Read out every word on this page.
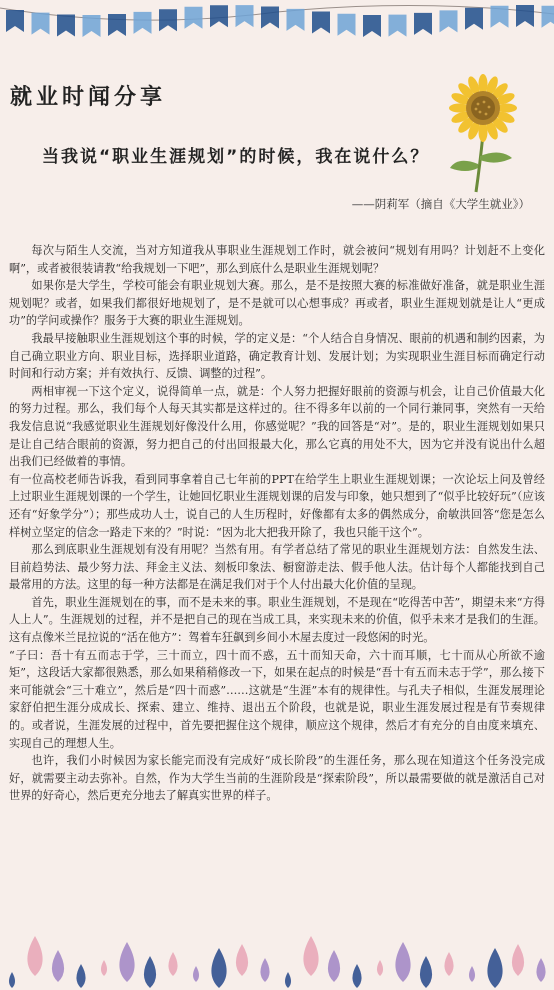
就业时闻分享
当我说“职业生涯规划”的时候，我在说什么？

——阴莉军（摘自《大学生就业》）

每次与陌生人交流，当对方知道我从事职业生涯规划工作时，就会被问“规划有用吗？计划赶不上变化啊”，或者被很装请教“给我规划一下吧”，那么到底什么是职业生涯规划呢？

如果你是大学生，学校可能会有职业规划大赛。那么，是不是按照大赛的标准做好准备，就是职业生涯规划呢？或者，如果我们都很好地规划了，是不是就可以心想事成？再或者，职业生涯规划就是让人“更成功”的学问或操作？服务于大赛的职业生涯规划。

我最早接触职业生涯规划这个事的时候，学的定义是：“个人结合自身情况、眼前的机遇和制约因素，为自己确立职业方向、职业目标，选择职业道路，确定教育计划、发展计划；为实现职业生涯目标而确定行动时间和行动方案；并有效执行、反馈、调整的过程”。

两相审视一下这个定义，说得简单一点，就是：个人努力把握好眼前的资源与机会，让自己价值最大化的努力过程。那么，我们每个人每天其实都是这样过的。往不得多年以前的一个同行兼同事，突然有一天给我发信息说“我感觉职业生涯规划好像没什么用，你感觉呢？”我的回答是“对”。是的，职业生涯规划如果只是让自己结合眼前的资源，努力把自己的付出回报最大化，那么它真的用处不大，因为它并没有说出什么超出我们已经做着的事情。

有一位高校老师告诉我，看到同事拿着自己七年前的PPT在给学生上职业生涯规划课；一次论坛上问及曾经上过职业生涯规划课的一个学生，让她回忆职业生涯规划课的启发与印象，她只想到了“似乎比较好玩”（应该还有“好象学分”）；那些成功人士，说自己的人生历程时，好像都有太多的偶然成分，俞敏洪回答“您是怎么样树立坚定的信念一路走下来的？”时说：“因为北大把我开除了，我也只能干这个”。

那么到底职业生涯规划有没有用呢？当然有用。有学者总结了常见的职业生涯规划方法：自然发生法、目前趋势法、最少努力法、拜金主义法、刻板印象法、橱窗游走法、假手他人法。估计每个人都能找到自己最常用的方法。这里的每一种方法都是在满足我们对于个人付出最大化价值的呈现。

首先，职业生涯规划在的事，而不是未来的事。职业生涯规划，不是现在“吃得苦中苦”，期望未来“方得人上人”。生涯规划的过程，并不是把自己的现在当成工具，来实现未来的价值，似乎未来才是我们的生涯。这有点像米兰昆拉说的“活在他方”：驾着车狂飙到乡间小木屋去度过一段悠闲的时光。

“子曰：吾十有五而志于学，三十而立，四十而不惑，五十而知天命，六十而耳顺，七十而从心所欲不逾矩”，这段话大家都很熟悉，那么如果稍稍修改一下，如果在起点的时候是“吾十有五而未志于学”，那么接下来可能就会“三十难立”，然后是“四十而惑”……这就是“生涯”本有的规律性。与孔夫子相似，生涯发展理论家舒伯把生涯分成成长、探索、建立、维持、退出五个阶段，也就是说，职业生涯发展过程是有节奏规律的。或者说，生涯发展的过程中，首先要把握住这个规律，顺应这个规律，然后才有充分的自由度来填充、实现自己的理想人生。

也许，我们小时候因为家长能完而没有完成好“成长阶段”的生涯任务，那么现在知道这个任务没完成好，就需要主动去弥补。自然，作为大学生当前的生涯阶段是“探索阶段”，所以最需要做的就是激活自己对世界的好奇心，然后更充分地去了解真实世界的样子。
